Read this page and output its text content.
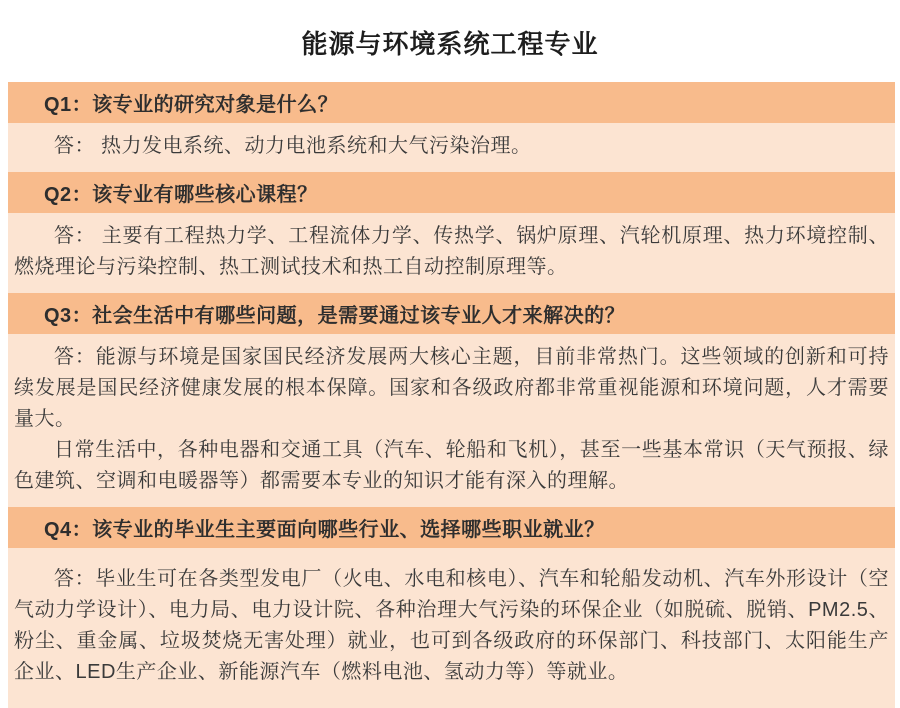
能源与环境系统工程专业
Q1：该专业的研究对象是什么？

答： 热力发电系统、动力电池系统和大气污染治理。

Q2：该专业有哪些核心课程？

答： 主要有工程热力学、工程流体力学、传热学、锅炉原理、汽轮机原理、热力环境控制、燃烧理论与污染控制、热工测试技术和热工自动控制原理等。

Q3：社会生活中有哪些问题，是需要通过该专业人才来解决的？

答：能源与环境是国家国民经济发展两大核心主题，目前非常热门。这些领域的创新和可持续发展是国民经济健康发展的根本保障。国家和各级政府都非常重视能源和环境问题，人才需要量大。

日常生活中，各种电器和交通工具（汽车、轮船和飞机），甚至一些基本常识（天气预报、绿色建筑、空调和电暖器等）都需要本专业的知识才能有深入的理解。

Q4：该专业的毕业生主要面向哪些行业、选择哪些职业就业？

答：毕业生可在各类型发电厂（火电、水电和核电）、汽车和轮船发动机、汽车外形设计（空气动力学设计）、电力局、电力设计院、各种治理大气污染的环保企业（如脱硫、脱销、PM2.5、粉尘、重金属、垃圾焚烧无害处理）就业，也可到各级政府的环保部门、科技部门、太阳能生产企业、LED生产企业、新能源汽车（燃料电池、氢动力等）等就业。
